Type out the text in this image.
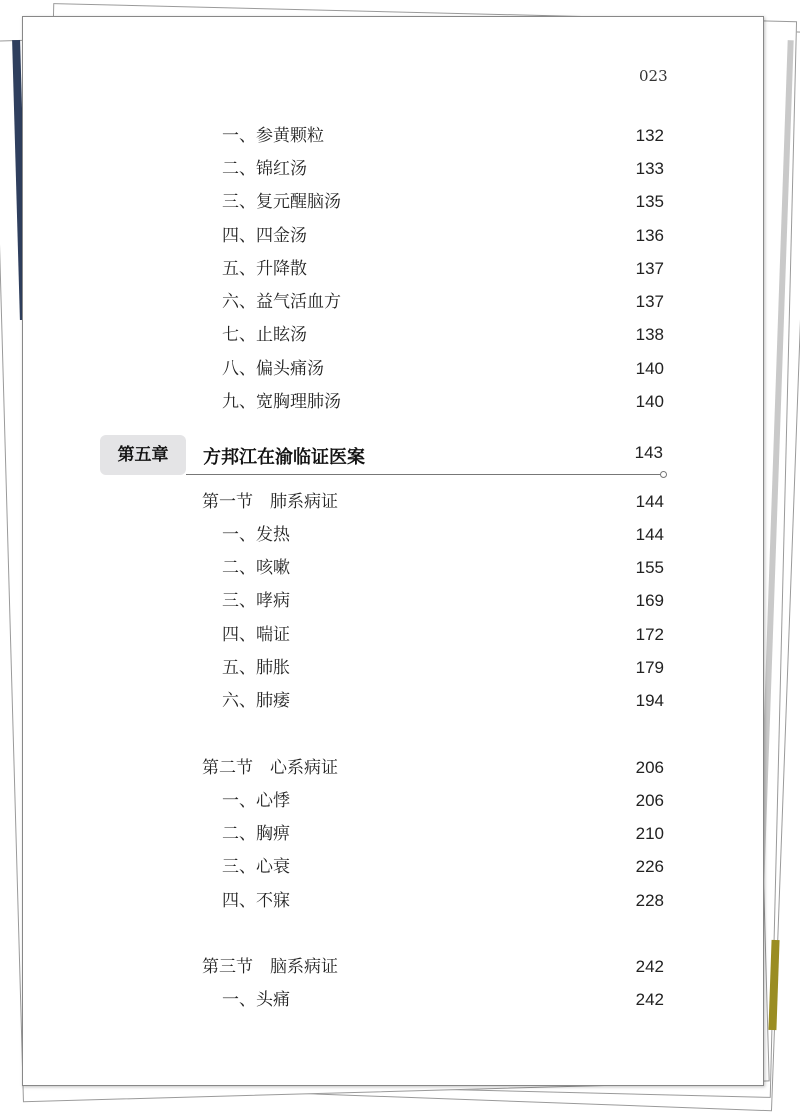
023
一、参黄颗粒	132
二、锦红汤	133
三、复元醒脑汤	135
四、四金汤	136
五、升降散	137
六、益气活血方	137
七、止眩汤	138
八、偏头痛汤	140
九、宽胸理肺汤	140
第五章	方邦江在渝临证医案	143
第一节　肺系病证	144
一、发热	144
二、咳嗽	155
三、哮病	169
四、喘证	172
五、肺胀	179
六、肺痿	194
第二节　心系病证	206
一、心悸	206
二、胸痹	210
三、心衰	226
四、不寐	228
第三节　脑系病证	242
一、头痛	242
